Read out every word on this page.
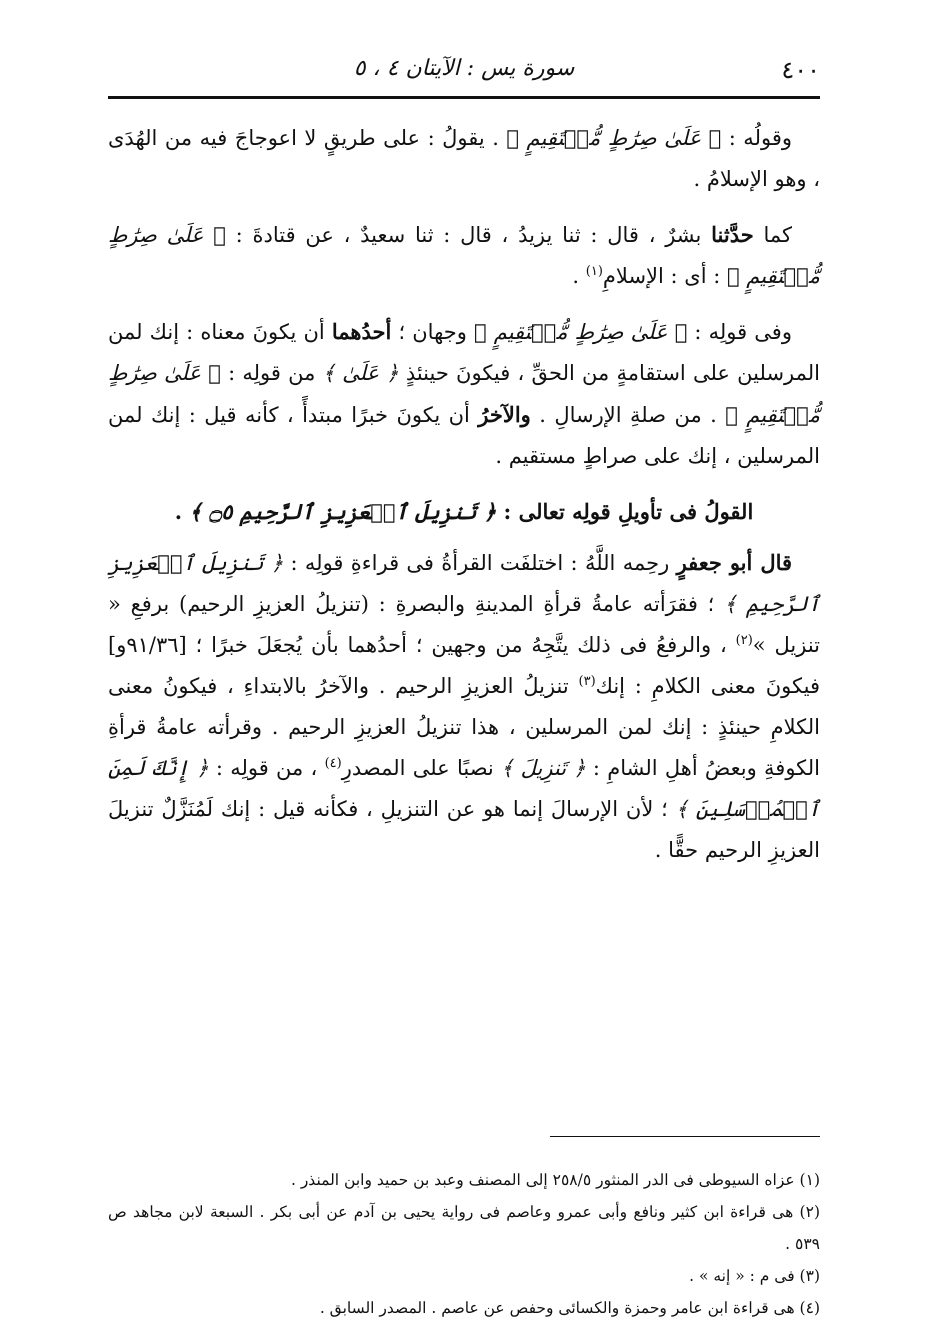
٤٠٠
سورة يس : الآيتان ٤ ، ٥

وقولُه : ﴿ عَلَىٰ صِرَٰطٍ مُّسۡتَقِيمٍ ﴾ . يقولُ : على طريقٍ لا اعوجاجَ فيه من الهُدَى ، وهو الإسلامُ .

كما حدَّثنا بشرٌ ، قال : ثنا يزيدُ ، قال : ثنا سعيدٌ ، عن قتادةَ : ﴿ عَلَىٰ صِرَٰطٍ مُّسۡتَقِيمٍ ﴾ : أى : الإسلامِ$^{(١)}$ .

وفى قولِه : ﴿ عَلَىٰ صِرَٰطٍ مُّسۡتَقِيمٍ ﴾ وجهان ؛ أحدُهما أن يكونَ معناه : إنك لمن المرسلين على استقامةٍ من الحقِّ ، فيكونَ حينئذٍ ﴿ عَلَىٰ ﴾ من قولِه : ﴿ عَلَىٰ صِرَٰطٍ مُّسۡتَقِيمٍ ﴾ . من صلةِ الإرسالِ . والآخرُ أن يكونَ خبرًا مبتدأً ، كأنه قيل : إنك لمن المرسلين ، إنك على صراطٍ مستقيم .

القولُ فى تأويلِ قولِه تعالى : ﴿ تَنزِيلَ ٱلۡعَزِيزِ ٱلرَّحِيمِ ۝٥ ﴾ .

قال أبو جعفرٍ رحِمه اللَّهُ : اختلفَت القرأةُ فى قراءةِ قولِه : ﴿ تَنزِيلَ ٱلۡعَزِيزِ ٱلرَّحِيمِ ﴾ ؛ فقرَأته عامةُ قرأةِ المدينةِ والبصرةِ : (تنزيلُ العزيزِ الرحيم) برفعِ « تنزيل »$^{(٢)}$ ، والرفعُ فى ذلك يتَّجِهُ من وجهين ؛ أحدُهما بأن يُجعَلَ خبرًا ؛ [٩١/٣٦و] فيكونَ معنى الكلامِ : إنك$^{(٣)}$ تنزيلُ العزيزِ الرحيم . والآخرُ بالابتداءِ ، فيكونُ معنى الكلامِ حينئذٍ : إنك لمن المرسلين ، هذا تنزيلُ العزيزِ الرحيم . وقرأته عامةُ قرأةِ الكوفةِ وبعضُ أهلِ الشامِ : ﴿ تَنزِيلَ ﴾ نصبًا على المصدرِ$^{(٤)}$ ، من قولِه : ﴿ إِنَّكَ لَمِنَ ٱلۡمُرۡسَلِينَ ﴾ ؛ لأن الإرسالَ إنما هو عن التنزيلِ ، فكأنه قيل : إنك لَمُنَزَّلٌ تنزيلَ العزيزِ الرحيم حقًّا .

(١) عزاه السيوطى فى الدر المنثور ٢٥٨/٥ إلى المصنف وعبد بن حميد وابن المنذر .

(٢) هى قراءة ابن كثير ونافع وأبى عمرو وعاصم فى رواية يحيى بن آدم عن أبى بكر . السبعة لابن مجاهد ص ٥٣٩ .

(٣) فى م : « إنه » .

(٤) هى قراءة ابن عامر وحمزة والكسائى وحفص عن عاصم . المصدر السابق .
